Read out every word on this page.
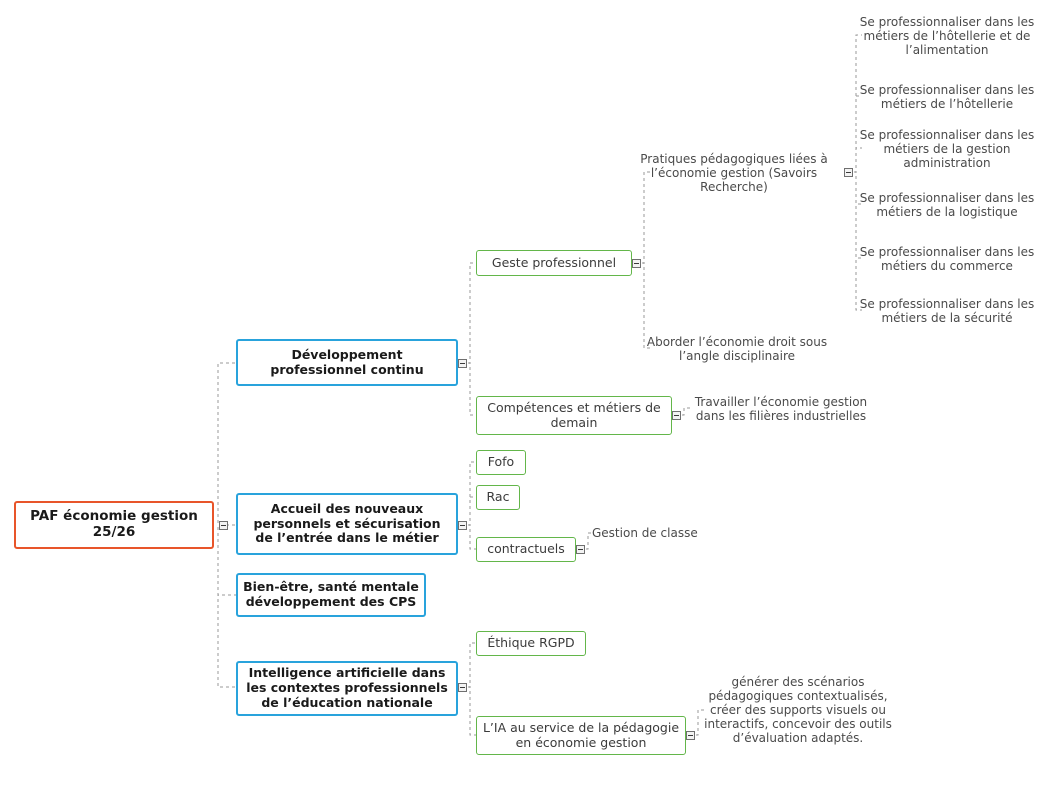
PAF économie gestion 25/26
Développement professionnel continu
Accueil des nouveaux personnels et sécurisation de l’entrée dans le métier
Bien-être, santé mentale développement des CPS
Intelligence artificielle dans les contextes professionnels de l’éducation nationale
Geste professionnel
Compétences et métiers de demain
Fofo
Rac
contractuels
Éthique RGPD
L’IA au service de la pédagogie en économie gestion
Pratiques pédagogiques liées à l’économie gestion (Savoirs Recherche)
Aborder l’économie droit sous l’angle disciplinaire
Travailler l’économie gestion dans les filières industrielles
Gestion de classe
générer des scénarios pédagogiques contextualisés, créer des supports visuels ou interactifs, concevoir des outils d’évaluation adaptés.
Se professionnaliser dans les métiers de l’hôtellerie et de l’alimentation
Se professionnaliser dans les métiers de l’hôtellerie
Se professionnaliser dans les métiers de la gestion administration
Se professionnaliser dans les métiers de la logistique
Se professionnaliser dans les métiers du commerce
Se professionnaliser dans les métiers de la sécurité
